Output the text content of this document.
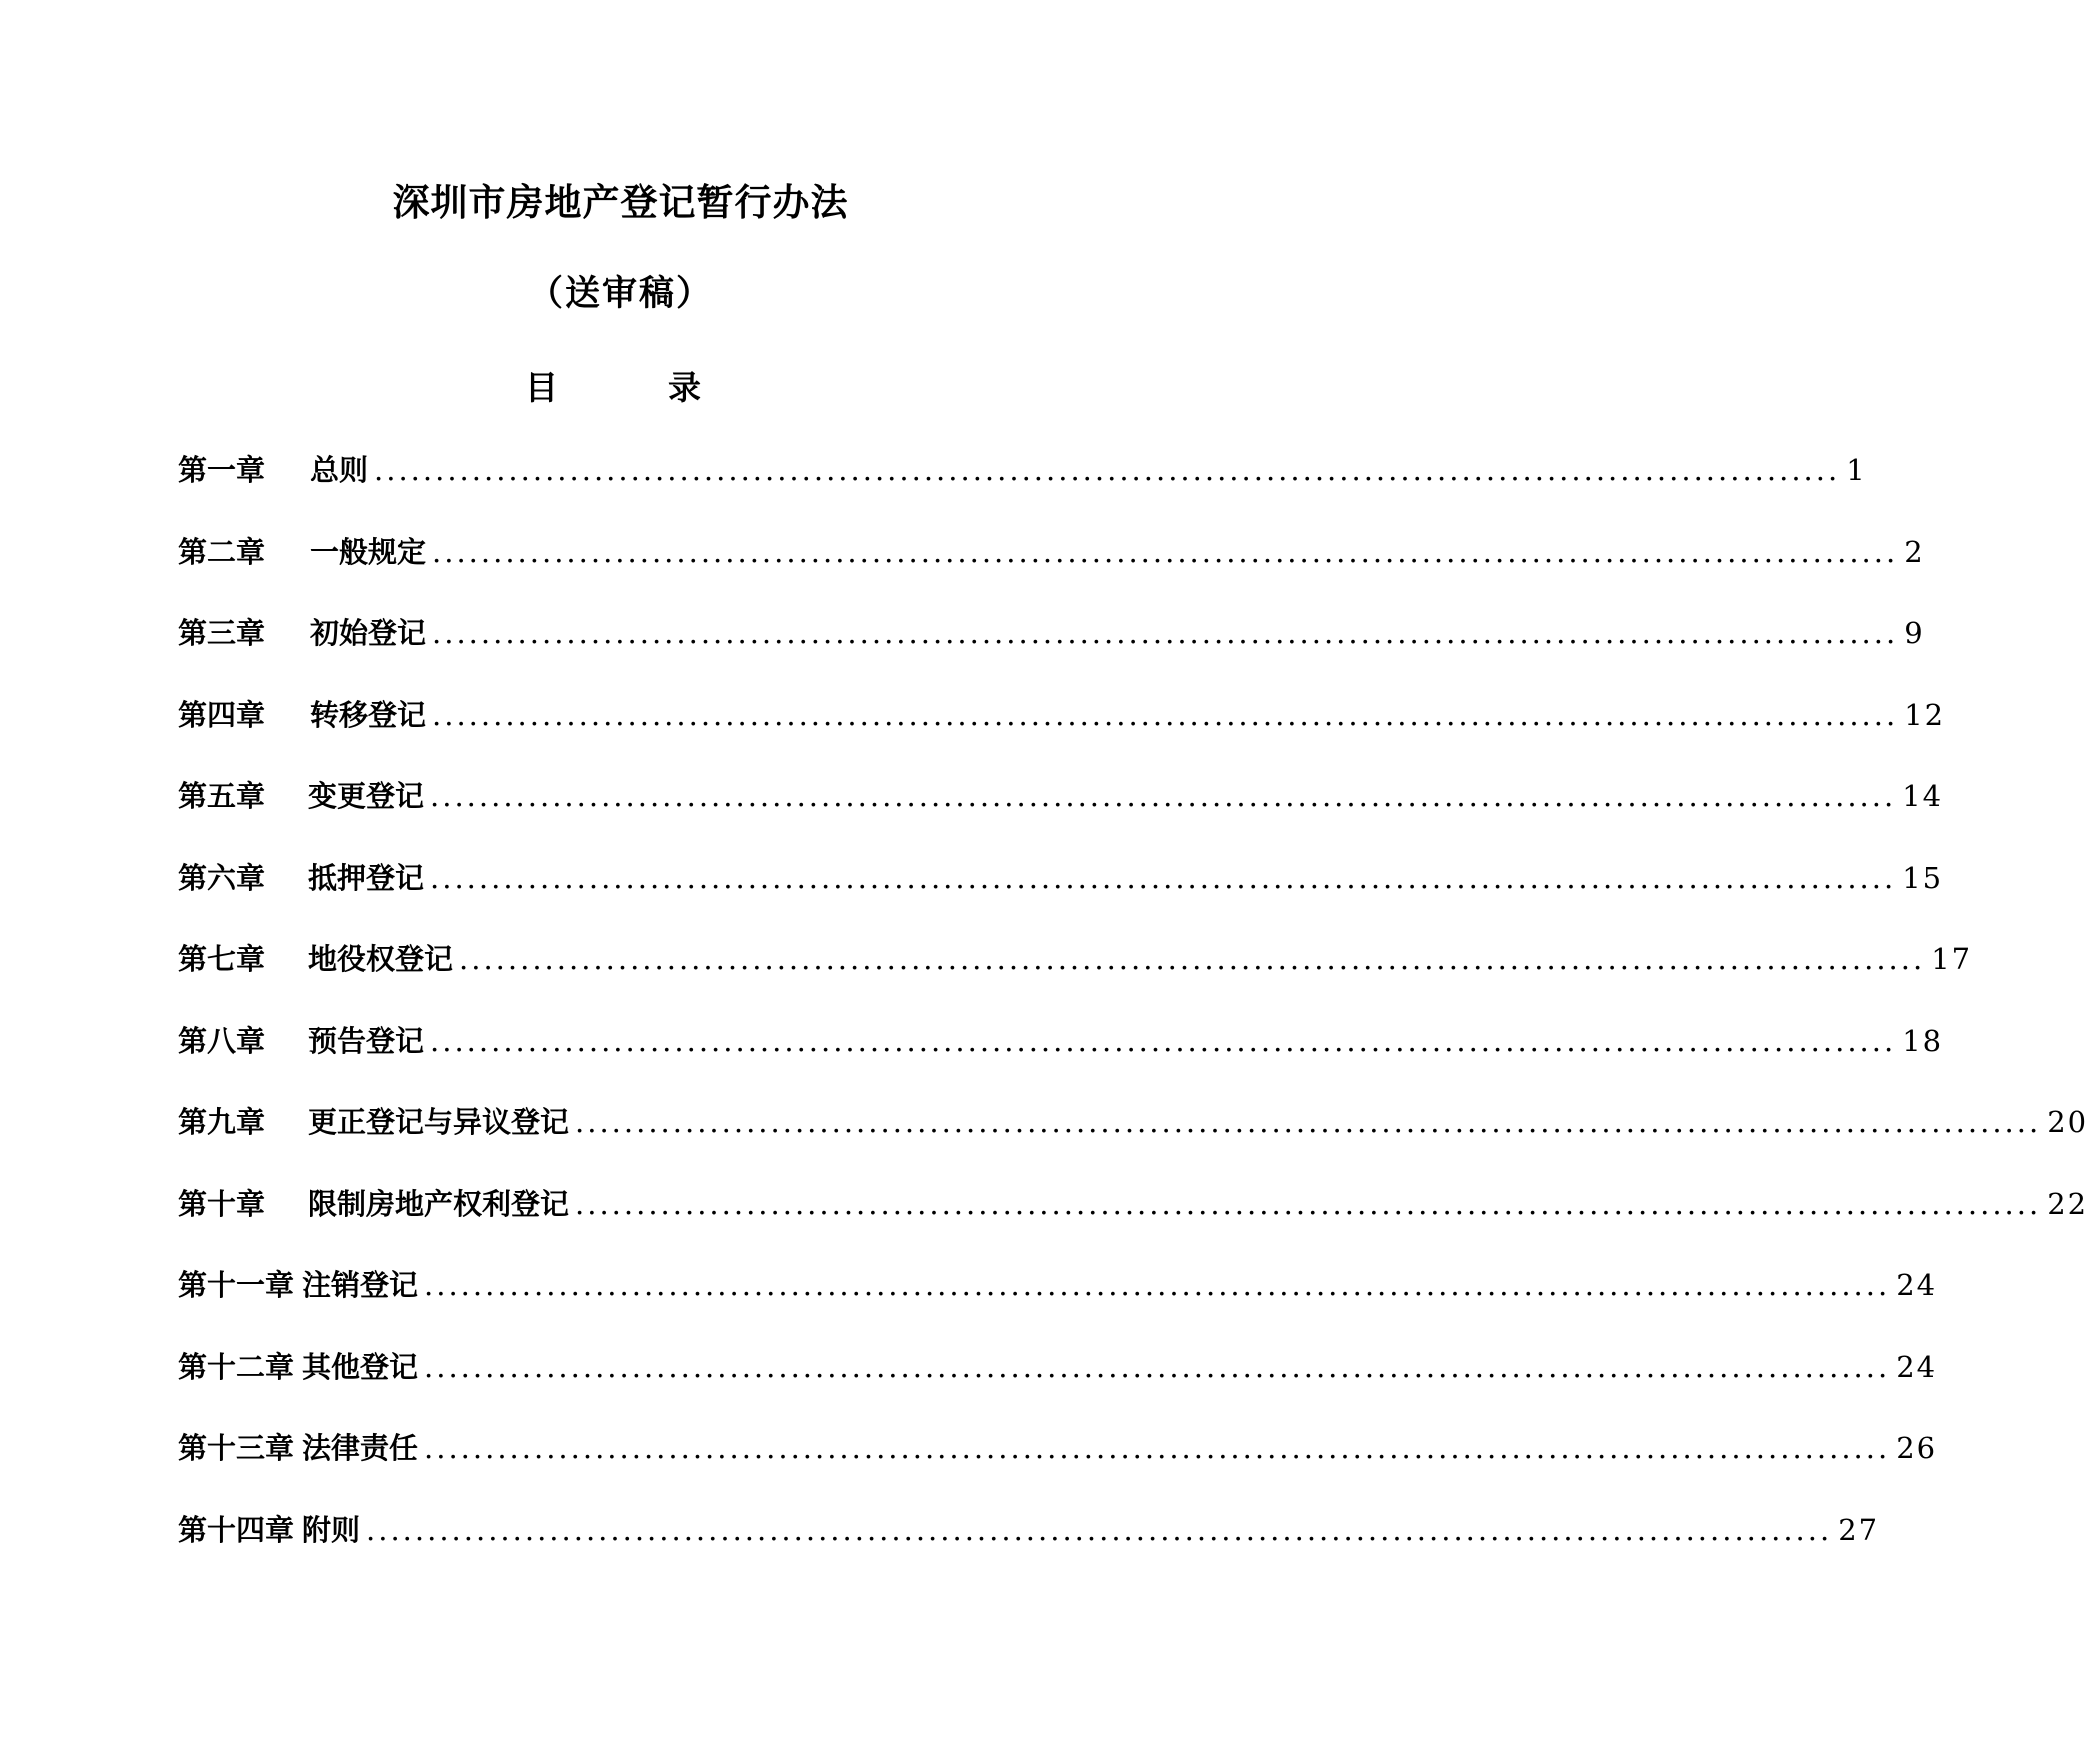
深圳市房地产登记暂行办法
（送审稿）
目	录
第一章	总则 ........................................................................................................................ 1
第二章	一般规定 ........................................................................................................................ 2
第三章	初始登记 ........................................................................................................................ 9
第四章	转移登记 ........................................................................................................................ 12
第五章	变更登记 ........................................................................................................................ 14
第六章	抵押登记 ........................................................................................................................ 15
第七章	地役权登记 ........................................................................................................................ 17
第八章	预告登记 ........................................................................................................................ 18
第九章	更正登记与异议登记 ........................................................................................................................ 20
第十章	限制房地产权利登记 ........................................................................................................................ 22
第十一章 注销登记 ........................................................................................................................ 24
第十二章 其他登记 ........................................................................................................................ 24
第十三章 法律责任 ........................................................................................................................ 26
第十四章 附则 ........................................................................................................................ 27
